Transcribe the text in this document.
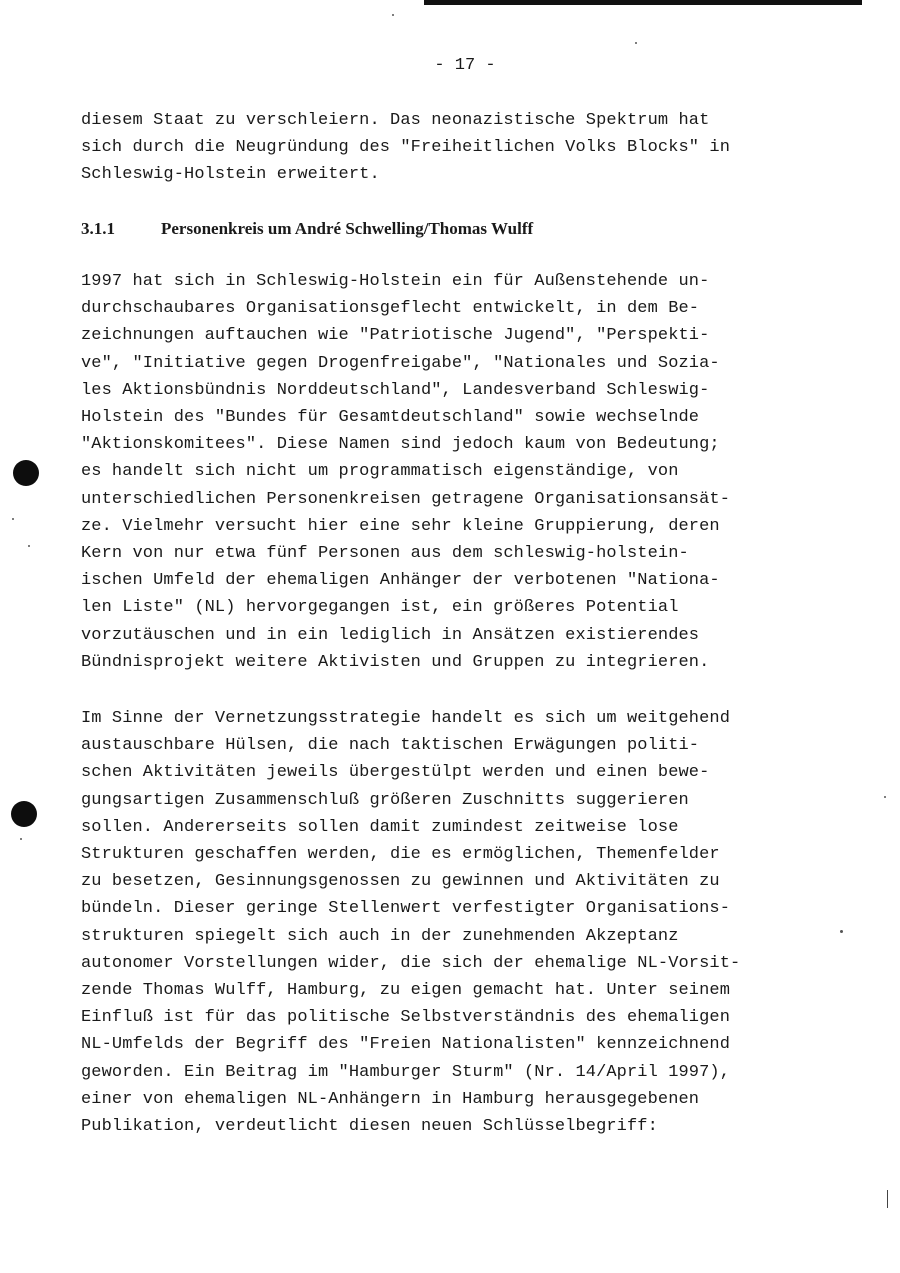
- 17 -
diesem Staat zu verschleiern. Das neonazistische Spektrum hat
sich durch die Neugründung des "Freiheitlichen Volks Blocks" in
Schleswig-Holstein erweitert.
3.1.1	Personenkreis um André Schwelling/Thomas Wulff
1997 hat sich in Schleswig-Holstein ein für Außenstehende un-
durchschaubares Organisationsgeflecht entwickelt, in dem Be-
zeichnungen auftauchen wie "Patriotische Jugend", "Perspekti-
ve", "Initiative gegen Drogenfreigabe", "Nationales und Sozia-
les Aktionsbündnis Norddeutschland", Landesverband Schleswig-
Holstein des "Bundes für Gesamtdeutschland" sowie wechselnde
"Aktionskomitees". Diese Namen sind jedoch kaum von Bedeutung;
es handelt sich nicht um programmatisch eigenständige, von
unterschiedlichen Personenkreisen getragene Organisationsansät-
ze. Vielmehr versucht hier eine sehr kleine Gruppierung, deren
Kern von nur etwa fünf Personen aus dem schleswig-holstein-
ischen Umfeld der ehemaligen Anhänger der verbotenen "Nationa-
len Liste" (NL) hervorgegangen ist, ein größeres Potential
vorzutäuschen und in ein lediglich in Ansätzen existierendes
Bündnisprojekt weitere Aktivisten und Gruppen zu integrieren.
Im Sinne der Vernetzungsstrategie handelt es sich um weitgehend
austauschbare Hülsen, die nach taktischen Erwägungen politi-
schen Aktivitäten jeweils übergestülpt werden und einen bewe-
gungsartigen Zusammenschluß größeren Zuschnitts suggerieren
sollen. Andererseits sollen damit zumindest zeitweise lose
Strukturen geschaffen werden, die es ermöglichen, Themenfelder
zu besetzen, Gesinnungsgenossen zu gewinnen und Aktivitäten zu
bündeln. Dieser geringe Stellenwert verfestigter Organisations-
strukturen spiegelt sich auch in der zunehmenden Akzeptanz
autonomer Vorstellungen wider, die sich der ehemalige NL-Vorsit-
zende Thomas Wulff, Hamburg, zu eigen gemacht hat. Unter seinem
Einfluß ist für das politische Selbstverständnis des ehemaligen
NL-Umfelds der Begriff des "Freien Nationalisten" kennzeichnend
geworden. Ein Beitrag im "Hamburger Sturm" (Nr. 14/April 1997),
einer von ehemaligen NL-Anhängern in Hamburg herausgegebenen
Publikation, verdeutlicht diesen neuen Schlüsselbegriff:
